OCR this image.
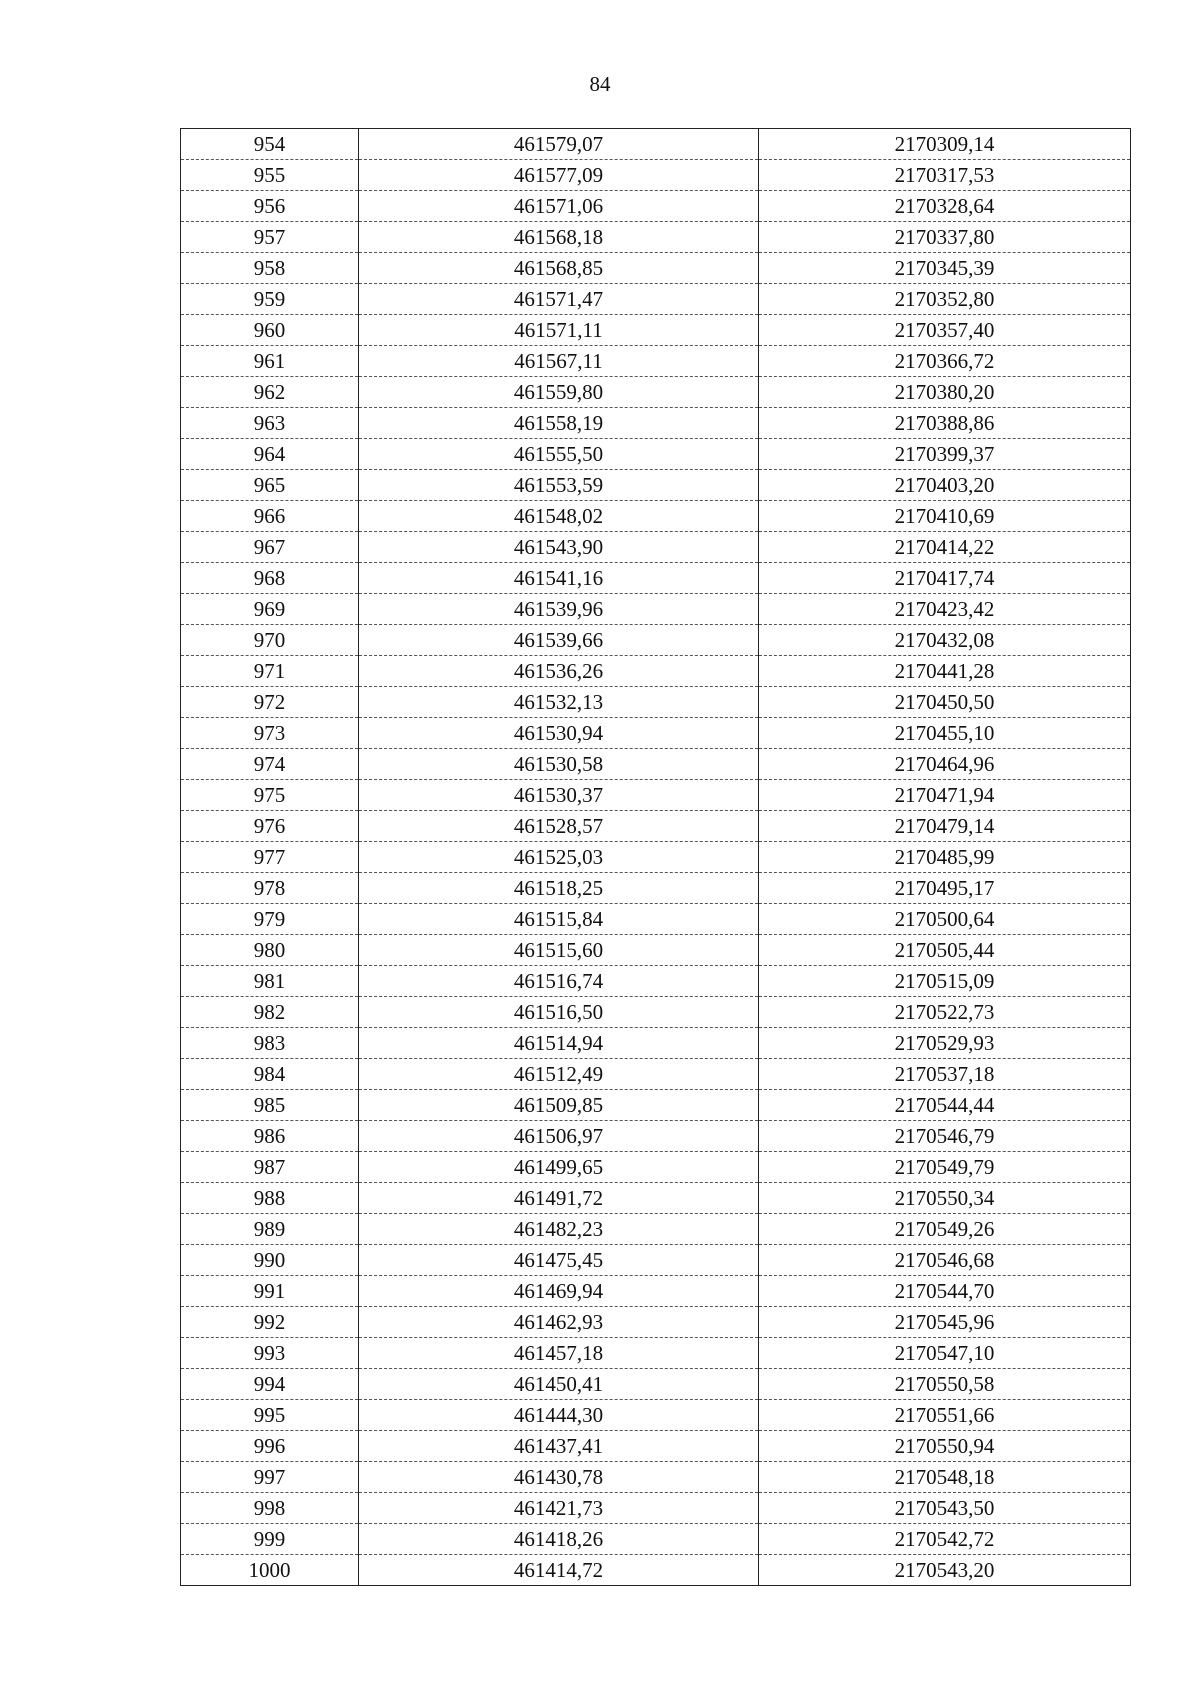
84
954	461579,07	2170309,14
955	461577,09	2170317,53
956	461571,06	2170328,64
957	461568,18	2170337,80
958	461568,85	2170345,39
959	461571,47	2170352,80
960	461571,11	2170357,40
961	461567,11	2170366,72
962	461559,80	2170380,20
963	461558,19	2170388,86
964	461555,50	2170399,37
965	461553,59	2170403,20
966	461548,02	2170410,69
967	461543,90	2170414,22
968	461541,16	2170417,74
969	461539,96	2170423,42
970	461539,66	2170432,08
971	461536,26	2170441,28
972	461532,13	2170450,50
973	461530,94	2170455,10
974	461530,58	2170464,96
975	461530,37	2170471,94
976	461528,57	2170479,14
977	461525,03	2170485,99
978	461518,25	2170495,17
979	461515,84	2170500,64
980	461515,60	2170505,44
981	461516,74	2170515,09
982	461516,50	2170522,73
983	461514,94	2170529,93
984	461512,49	2170537,18
985	461509,85	2170544,44
986	461506,97	2170546,79
987	461499,65	2170549,79
988	461491,72	2170550,34
989	461482,23	2170549,26
990	461475,45	2170546,68
991	461469,94	2170544,70
992	461462,93	2170545,96
993	461457,18	2170547,10
994	461450,41	2170550,58
995	461444,30	2170551,66
996	461437,41	2170550,94
997	461430,78	2170548,18
998	461421,73	2170543,50
999	461418,26	2170542,72
1000	461414,72	2170543,20
